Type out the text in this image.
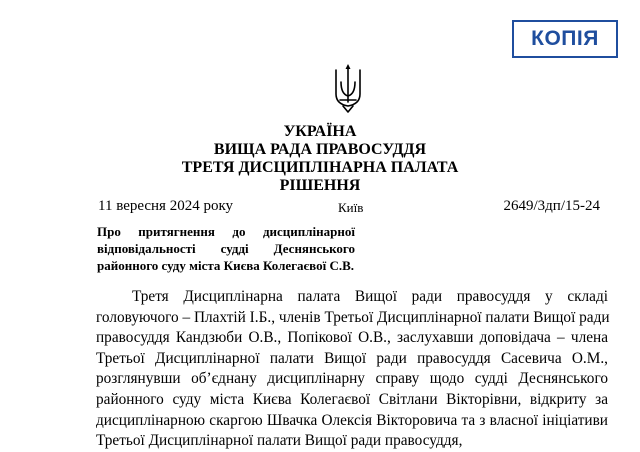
КОПІЯ
УКРАЇНА
ВИЩА РАДА ПРАВОСУДДЯ
ТРЕТЯ ДИСЦИПЛІНАРНА ПАЛАТА
РІШЕННЯ
11 вересня 2024 року	Київ	2649/3дп/15-24
Про притягнення до дисциплінарної
відповідальності судді Деснянського
районного суду міста Києва Колегаєвої С.В.
Третя Дисциплінарна палата Вищої ради правосуддя у складі
головуючого – Плахтій І.Б., членів Третьої Дисциплінарної палати Вищої ради
правосуддя Кандзюби О.В., Попікової О.В., заслухавши доповідача – члена
Третьої Дисциплінарної палати Вищої ради правосуддя Сасевича О.М.,
розглянувши об’єднану дисциплінарну справу щодо судді Деснянського
районного суду міста Києва Колегаєвої Світлани Вікторівни, відкриту за
дисциплінарною скаргою Швачка Олексія Вікторовича та з власної ініціативи
Третьої Дисциплінарної палати Вищої ради правосуддя,
